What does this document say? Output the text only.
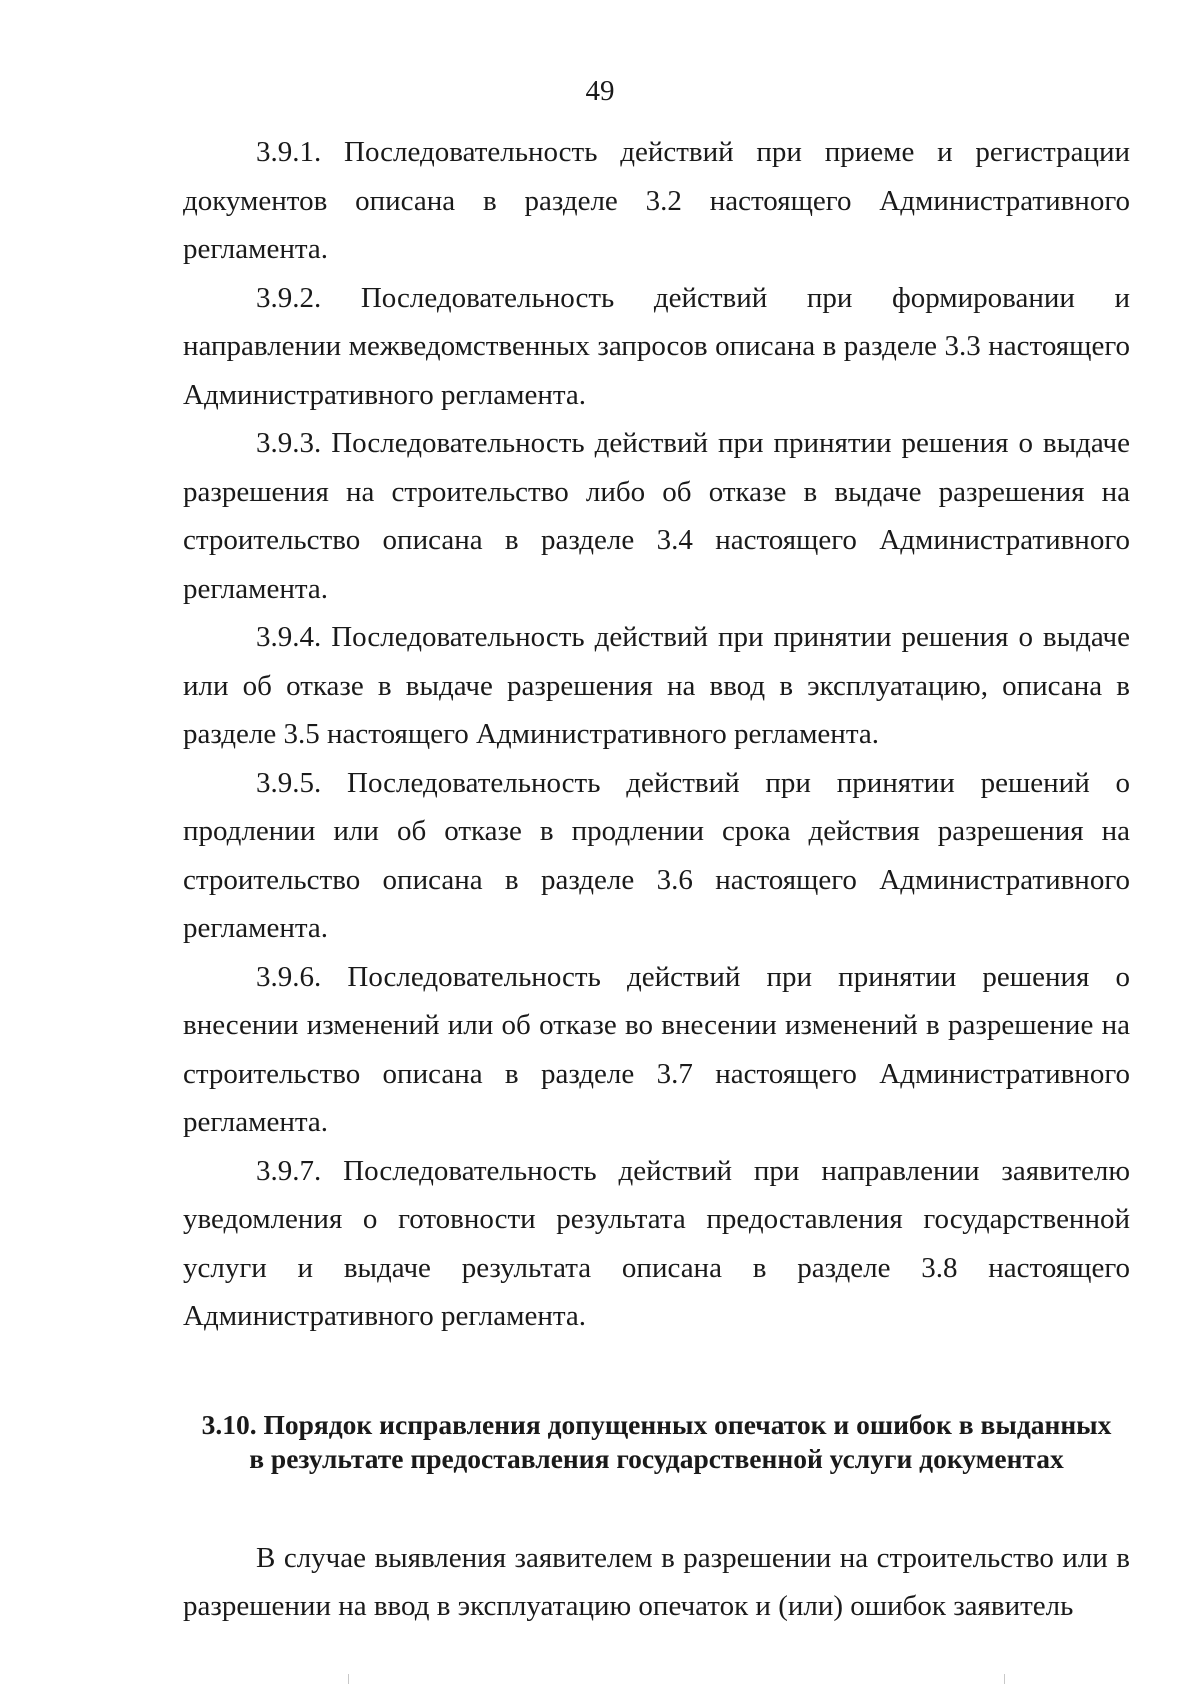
49

3.9.1. Последовательность действий при приеме и регистрации документов описана в разделе 3.2 настоящего Административного регламента.

3.9.2. Последовательность действий при формировании и направлении межведомственных запросов описана в разделе 3.3 настоящего Административного регламента.

3.9.3. Последовательность действий при принятии решения о выдаче разрешения на строительство либо об отказе в выдаче разрешения на строительство описана в разделе 3.4 настоящего Административного регламента.

3.9.4. Последовательность действий при принятии решения о выдаче или об отказе в выдаче разрешения на ввод в эксплуатацию, описана в разделе 3.5 настоящего Административного регламента.

3.9.5. Последовательность действий при принятии решений о продлении или об отказе в продлении срока действия разрешения на строительство описана в разделе 3.6 настоящего Административного регламента.

3.9.6. Последовательность действий при принятии решения о внесении изменений или об отказе во внесении изменений в разрешение на строительство описана в разделе 3.7 настоящего Административного регламента.

3.9.7. Последовательность действий при направлении заявителю уведомления о готовности результата предоставления государственной услуги и выдаче результата описана в разделе 3.8 настоящего Административного регламента.

3.10. Порядок исправления допущенных опечаток и ошибок в выданных
в результате предоставления государственной услуги документах

В случае выявления заявителем в разрешении на строительство или в разрешении на ввод в эксплуатацию опечаток и (или) ошибок заявитель
